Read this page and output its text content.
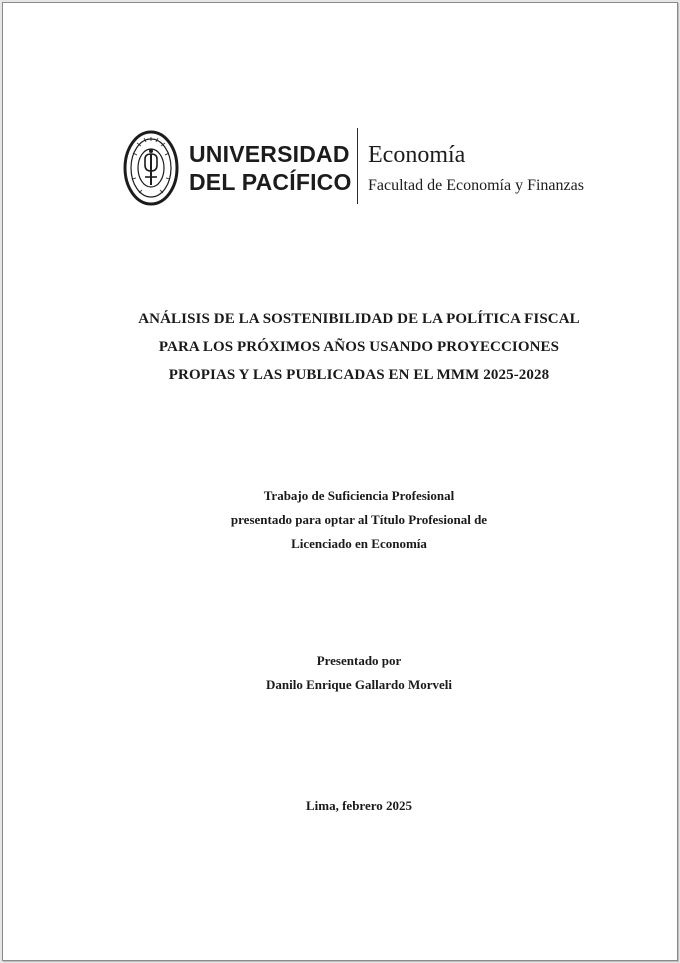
UNIVERSIDAD
DEL PACÍFICO
Economía
Facultad de Economía y Finanzas
ANÁLISIS DE LA SOSTENIBILIDAD DE LA POLÍTICA FISCAL
PARA LOS PRÓXIMOS AÑOS USANDO PROYECCIONES
PROPIAS Y LAS PUBLICADAS EN EL MMM 2025-2028
Trabajo de Suficiencia Profesional
presentado para optar al Título Profesional de
Licenciado en Economía
Presentado por
Danilo Enrique Gallardo Morveli
Lima, febrero 2025
